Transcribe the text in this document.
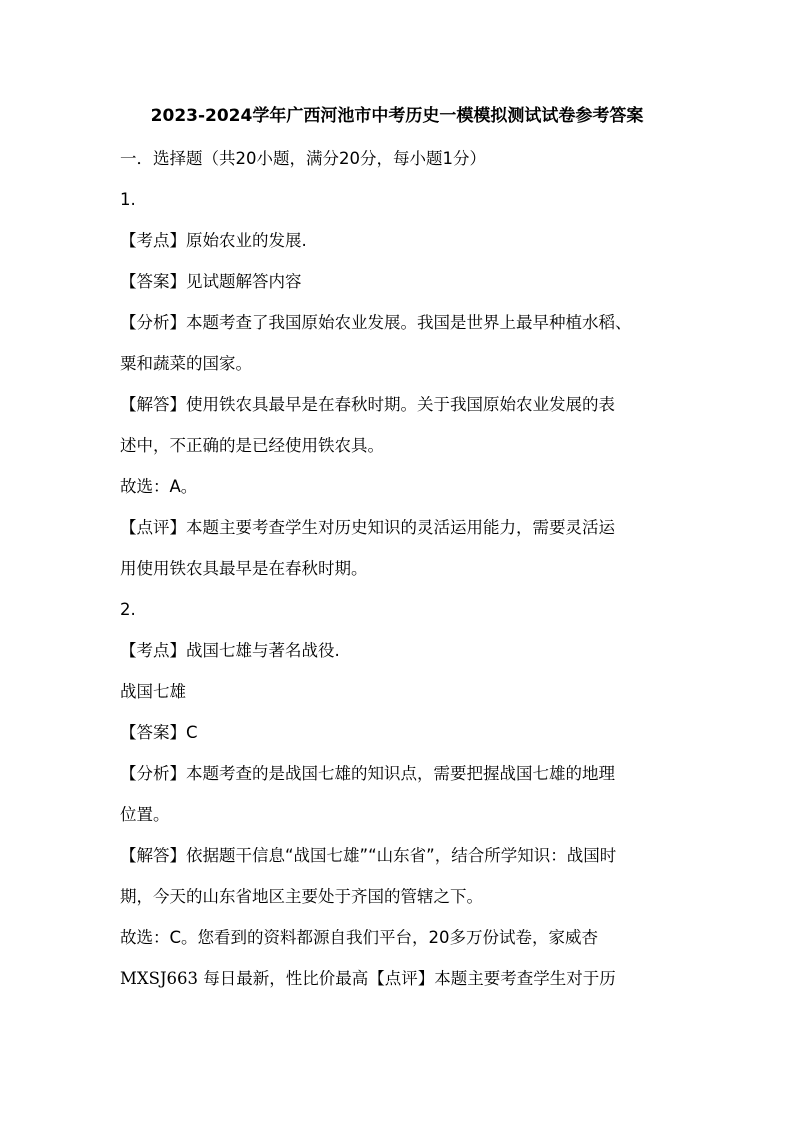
2023-2024学年广西河池市中考历史一模模拟测试试卷参考答案
一．选择题（共20小题，满分20分，每小题1分）
1.
【考点】原始农业的发展.
【答案】见试题解答内容
【分析】本题考查了我国原始农业发展。我国是世界上最早种植水稻、
粟和蔬菜的国家。
【解答】使用铁农具最早是在春秋时期。关于我国原始农业发展的表
述中，不正确的是已经使用铁农具。
故选：A。
【点评】本题主要考查学生对历史知识的灵活运用能力，需要灵活运
用使用铁农具最早是在春秋时期。
2.
【考点】战国七雄与著名战役.
战国七雄
【答案】C
【分析】本题考查的是战国七雄的知识点，需要把握战国七雄的地理
位置。
【解答】依据题干信息“战国七雄”“山东省”，结合所学知识：战国时
期，今天的山东省地区主要处于齐国的管辖之下。
故选：C。您看到的资料都源自我们平台，20多万份试卷，家威杏
MXSJ663 每日最新，性比价最高【点评】本题主要考查学生对于历
